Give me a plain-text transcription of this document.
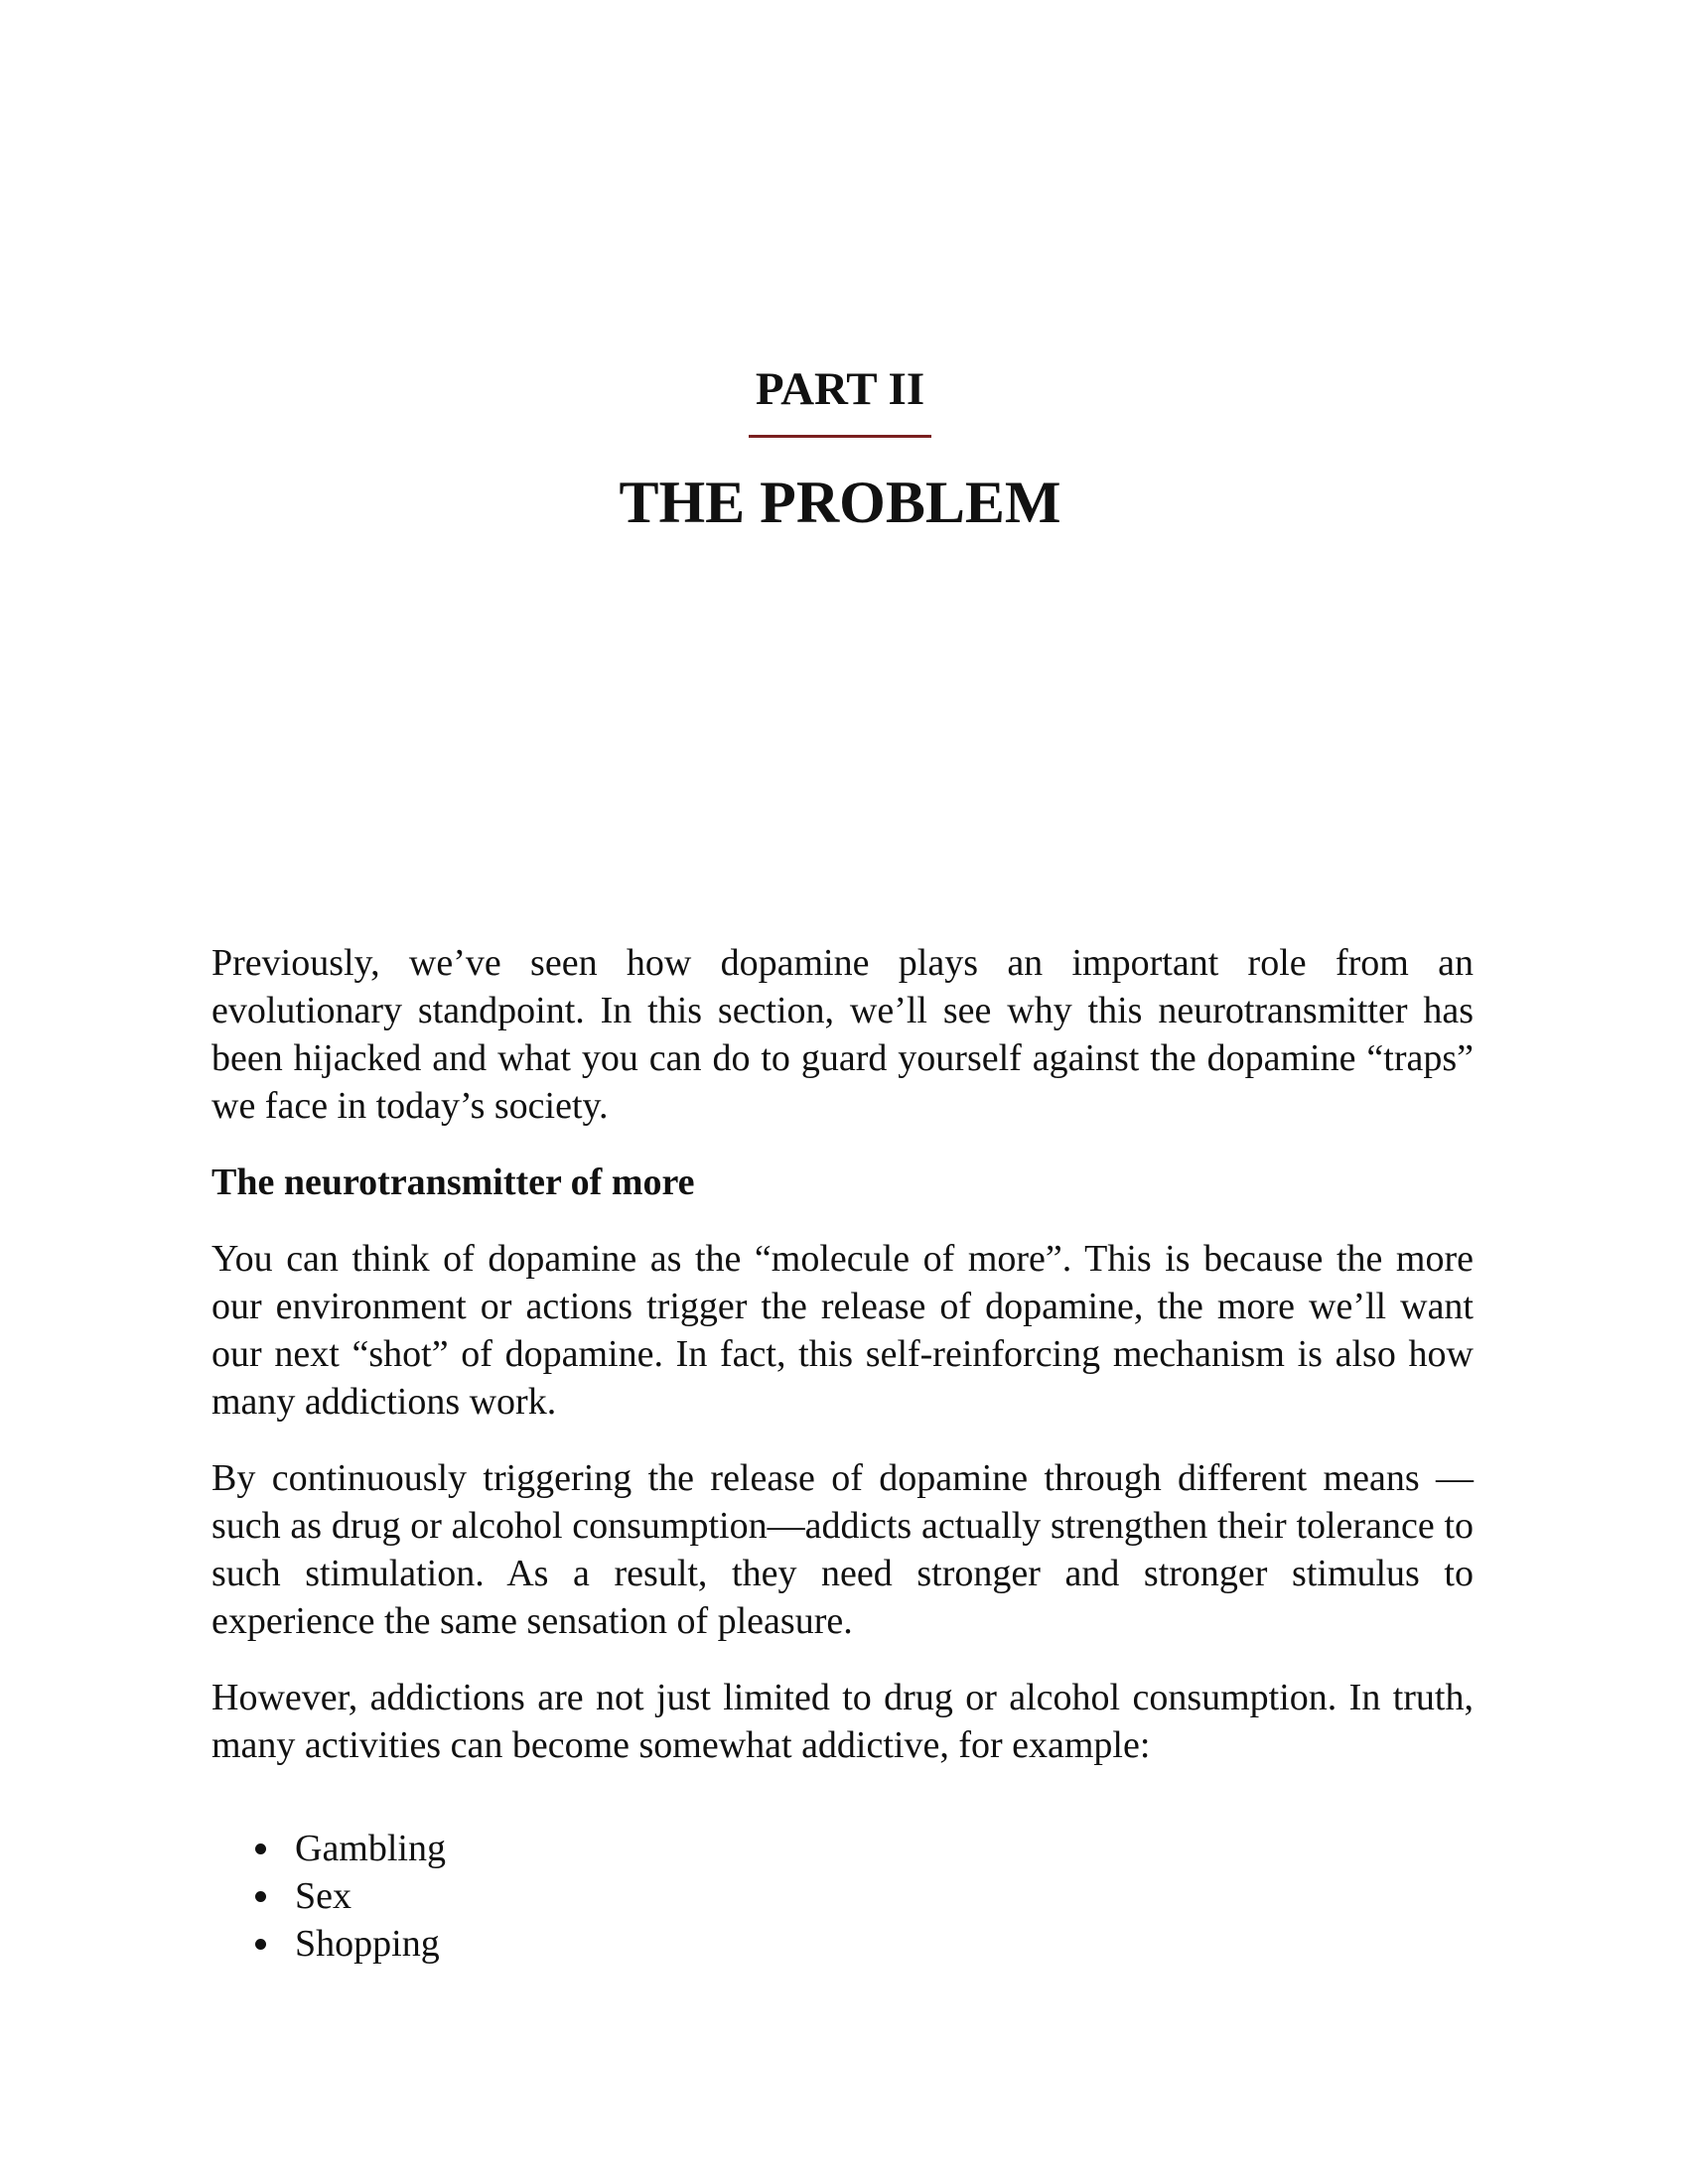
PART II
THE PROBLEM

Previously, we’ve seen how dopamine plays an important role from an evolutionary standpoint. In this section, we’ll see why this neurotransmitter has been hijacked and what you can do to guard yourself against the dopamine “traps” we face in today’s society.

The neurotransmitter of more

You can think of dopamine as the “molecule of more”. This is because the more our environment or actions trigger the release of dopamine, the more we’ll want our next “shot” of dopamine. In fact, this self-reinforcing mechanism is also how many addictions work.

By continuously triggering the release of dopamine through different means —such as drug or alcohol consumption—addicts actually strengthen their tolerance to such stimulation. As a result, they need stronger and stronger stimulus to experience the same sensation of pleasure.

However, addictions are not just limited to drug or alcohol consumption. In truth, many activities can become somewhat addictive, for example:

Gambling
Sex
Shopping
